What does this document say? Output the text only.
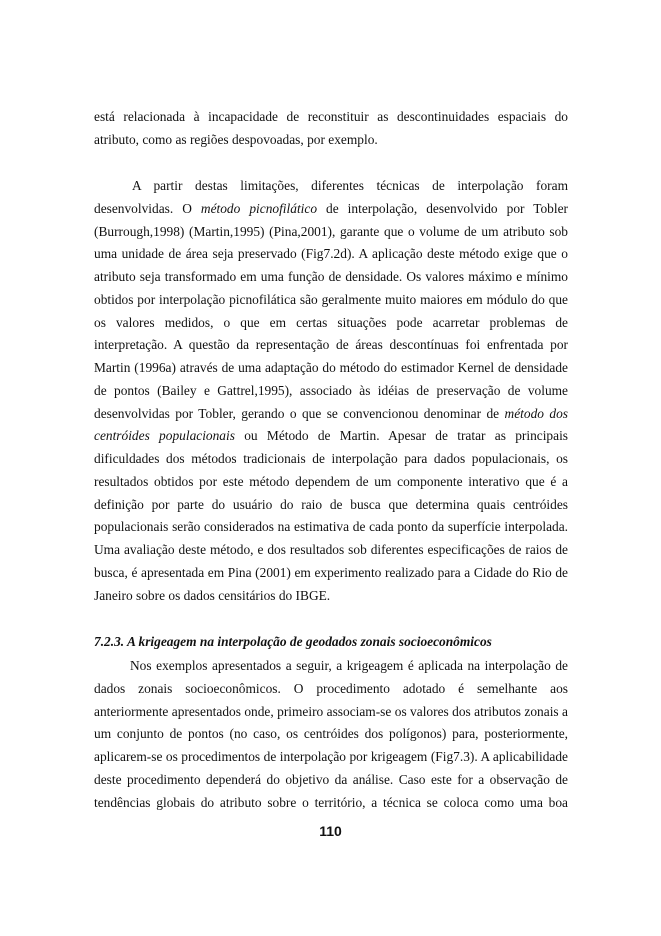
está relacionada à incapacidade de reconstituir as descontinuidades espaciais do
atributo, como as regiões despovoadas, por exemplo.
A partir destas limitações, diferentes técnicas de interpolação foram
desenvolvidas. O método picnofilático de interpolação, desenvolvido por Tobler
(Burrough,1998) (Martin,1995) (Pina,2001), garante que o volume de um atributo sob
uma unidade de área seja preservado (Fig7.2d). A aplicação deste método exige que o
atributo seja transformado em uma função de densidade. Os valores máximo e mínimo
obtidos por interpolação picnofilática são geralmente muito maiores em módulo do que
os valores medidos, o que em certas situações pode acarretar problemas de
interpretação. A questão da representação de áreas descontínuas foi enfrentada por
Martin (1996a) através de uma adaptação do método do estimador Kernel de densidade
de pontos (Bailey e Gattrel,1995), associado às idéias de preservação de volume
desenvolvidas por Tobler, gerando o que se convencionou denominar de método dos
centróides populacionais ou Método de Martin. Apesar de tratar as principais
dificuldades dos métodos tradicionais de interpolação para dados populacionais, os
resultados obtidos por este método dependem de um componente interativo que é a
definição por parte do usuário do raio de busca que determina quais centróides
populacionais serão considerados na estimativa de cada ponto da superfície interpolada.
Uma avaliação deste método, e dos resultados sob diferentes especificações de raios de
busca, é apresentada em Pina (2001) em experimento realizado para a Cidade do Rio de
Janeiro sobre os dados censitários do IBGE.
7.2.3. A krigeagem na interpolação de geodados zonais socioeconômicos
Nos exemplos apresentados a seguir, a krigeagem é aplicada na interpolação de
dados zonais socioeconômicos. O procedimento adotado é semelhante aos
anteriormente apresentados onde, primeiro associam-se os valores dos atributos zonais a
um conjunto de pontos (no caso, os centróides dos polígonos) para, posteriormente,
aplicarem-se os procedimentos de interpolação por krigeagem (Fig7.3). A aplicabilidade
deste procedimento dependerá do objetivo da análise. Caso este for a observação de
tendências globais do atributo sobre o território, a técnica se coloca como uma boa
110
